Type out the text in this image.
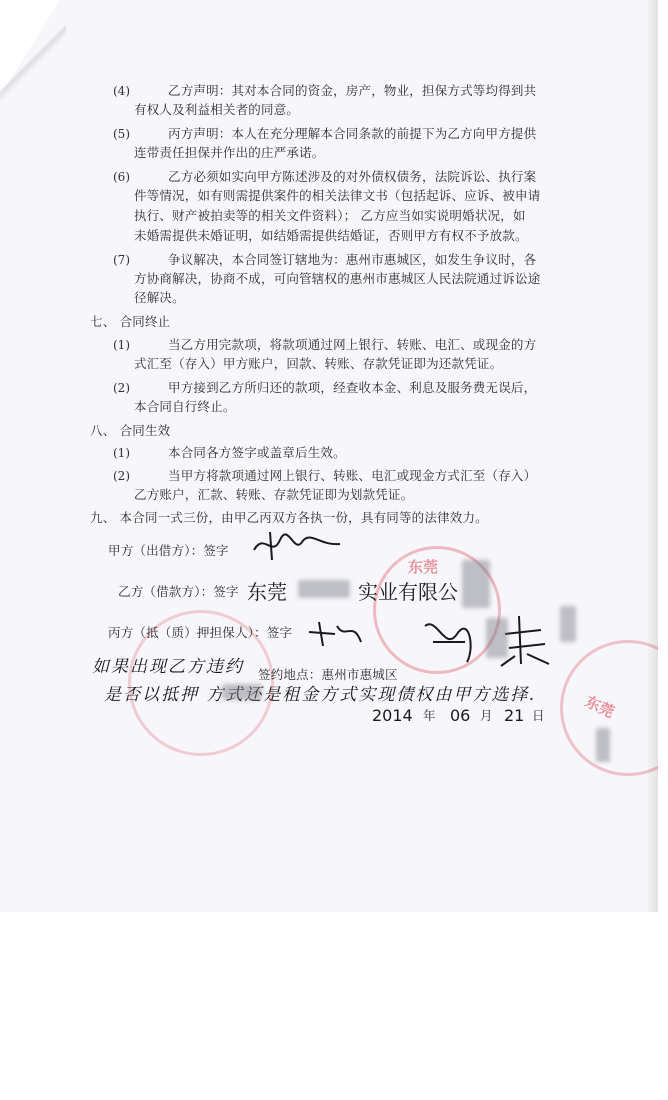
(4)	乙方声明：其对本合同的资金，房产，物业，担保方式等均得到共
有权人及利益相关者的同意。
(5)	丙方声明：本人在充分理解本合同条款的前提下为乙方向甲方提供
连带责任担保并作出的庄严承诺。
(6)	乙方必须如实向甲方陈述涉及的对外债权债务，法院诉讼、执行案
件等情况，如有则需提供案件的相关法律文书（包括起诉、应诉、被申请
执行、财产被拍卖等的相关文件资料）； 乙方应当如实说明婚状况，如
未婚需提供未婚证明，如结婚需提供结婚证，否则甲方有权不予放款。
(7)	争议解决，本合同签订辖地为：惠州市惠城区，如发生争议时，各
方协商解决，协商不成，可向管辖权的惠州市惠城区人民法院通过诉讼途
径解决。
七、 合同终止
(1)	当乙方用完款项，将款项通过网上银行、转账、电汇、或现金的方
式汇至（存入）甲方账户，回款、转账、存款凭证即为还款凭证。
(2)	甲方接到乙方所归还的款项，经查收本金、利息及服务费无误后，
本合同自行终止。
八、 合同生效
(1)	本合同各方签字或盖章后生效。
(2)	当甲方将款项通过网上银行、转账、电汇或现金方式汇至（存入）
乙方账户，汇款、转账、存款凭证即为划款凭证。
九、 本合同一式三份，由甲乙丙双方各执一份，具有同等的法律效力。
东莞
东莞
甲方（出借方）：签字
乙方（借款方）：签字 东莞	实业有限公
丙方（抵（质）押担保人）：签字
签约地点：惠州市惠城区
如果出现乙方违约
是否以抵押 方式还是租金方式实现债权由甲方选择.
2014 年 06 月 21 日
